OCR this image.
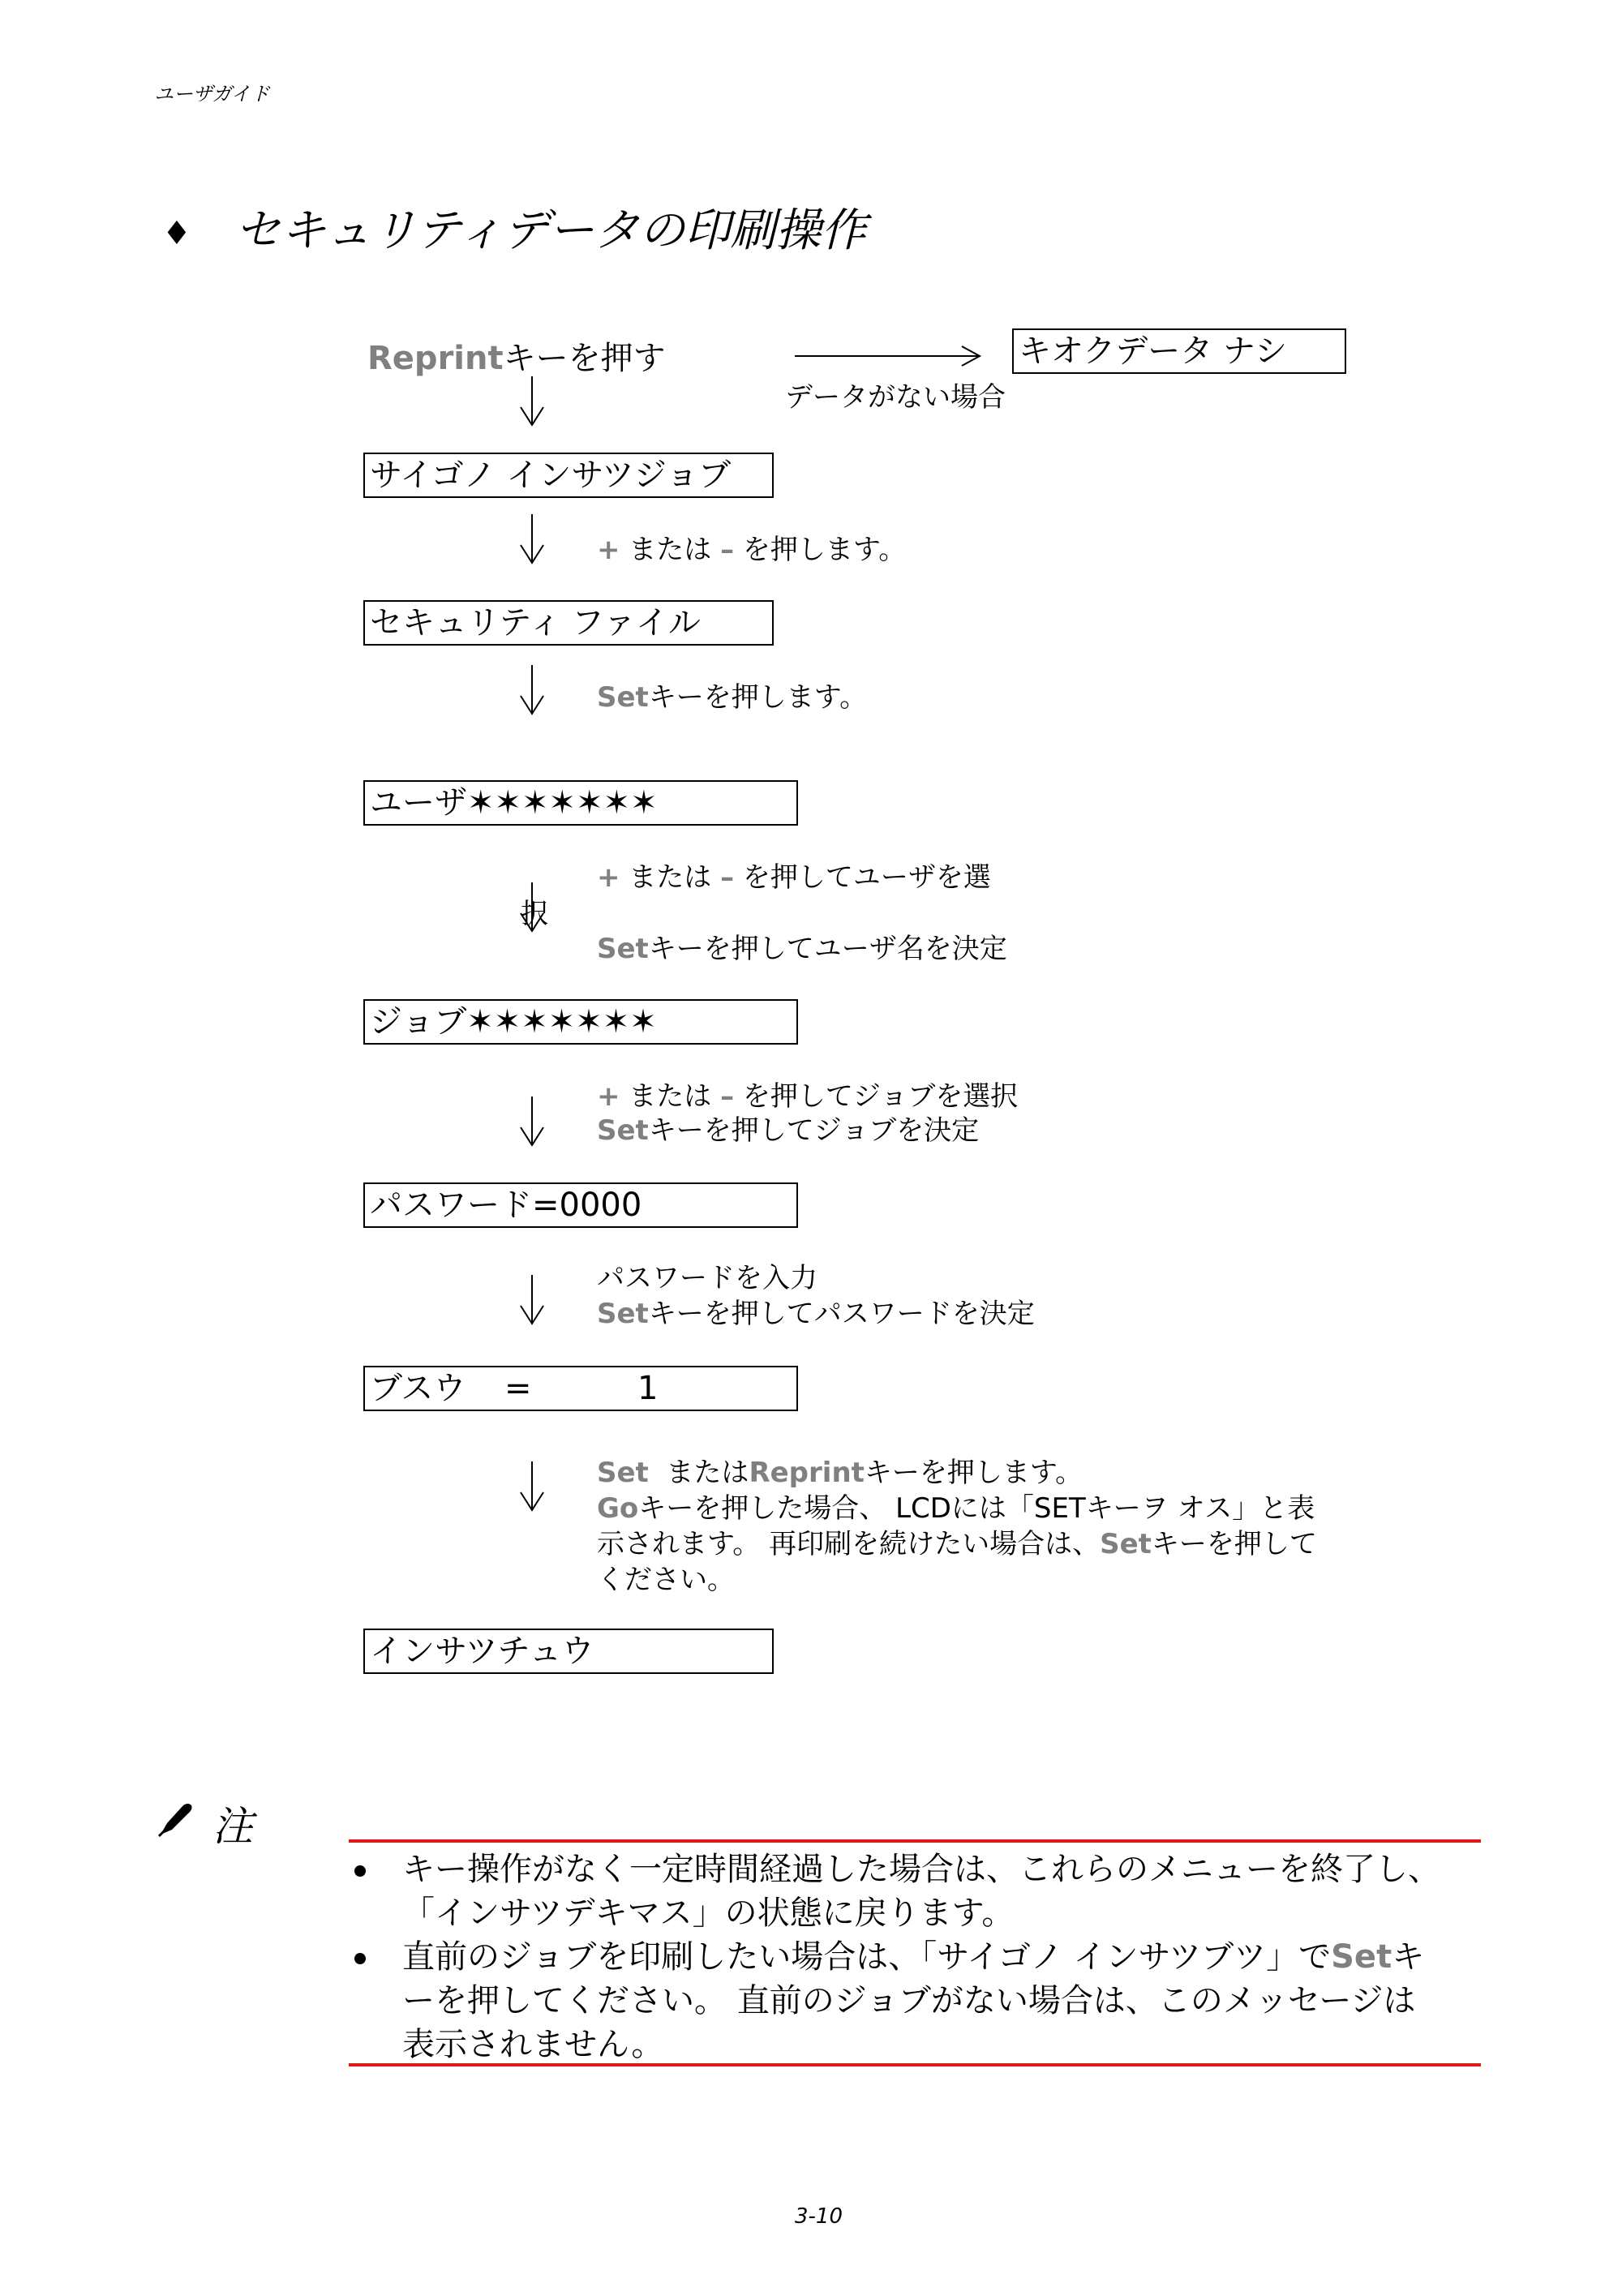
ユーザガイド
♦ セキュリティデータの印刷操作
Reprintキーを押す
データがない場合
キオクデータ ナシ
サイゴノ インサツジョブ
+ または – を押します。
セキュリティ ファイル
Setキーを押します。
ユーザ✶✶✶✶✶✶✶
択
+ または – を押してユーザを選
Setキーを押してユーザ名を決定
ジョブ✶✶✶✶✶✶✶
+ または – を押してジョブを選択
Setキーを押してジョブを決定
パスワード=0000
パスワードを入力
Setキーを押してパスワードを決定
ブスウ =	1
Set  またはReprintキーを押します。
Goキーを押した場合、 LCDには「SETキーヲ オス」と表
示されます。 再印刷を続けたい場合は、Setキーを押して
ください。
インサツチュウ
注
キー操作がなく一定時間経過した場合は、これらのメニューを終了し、
「インサツデキマス」の状態に戻ります。
直前のジョブを印刷したい場合は、「サイゴノ インサツブツ」でSetキ
ーを押してください。 直前のジョブがない場合は、このメッセージは
表示されません。
3-10
